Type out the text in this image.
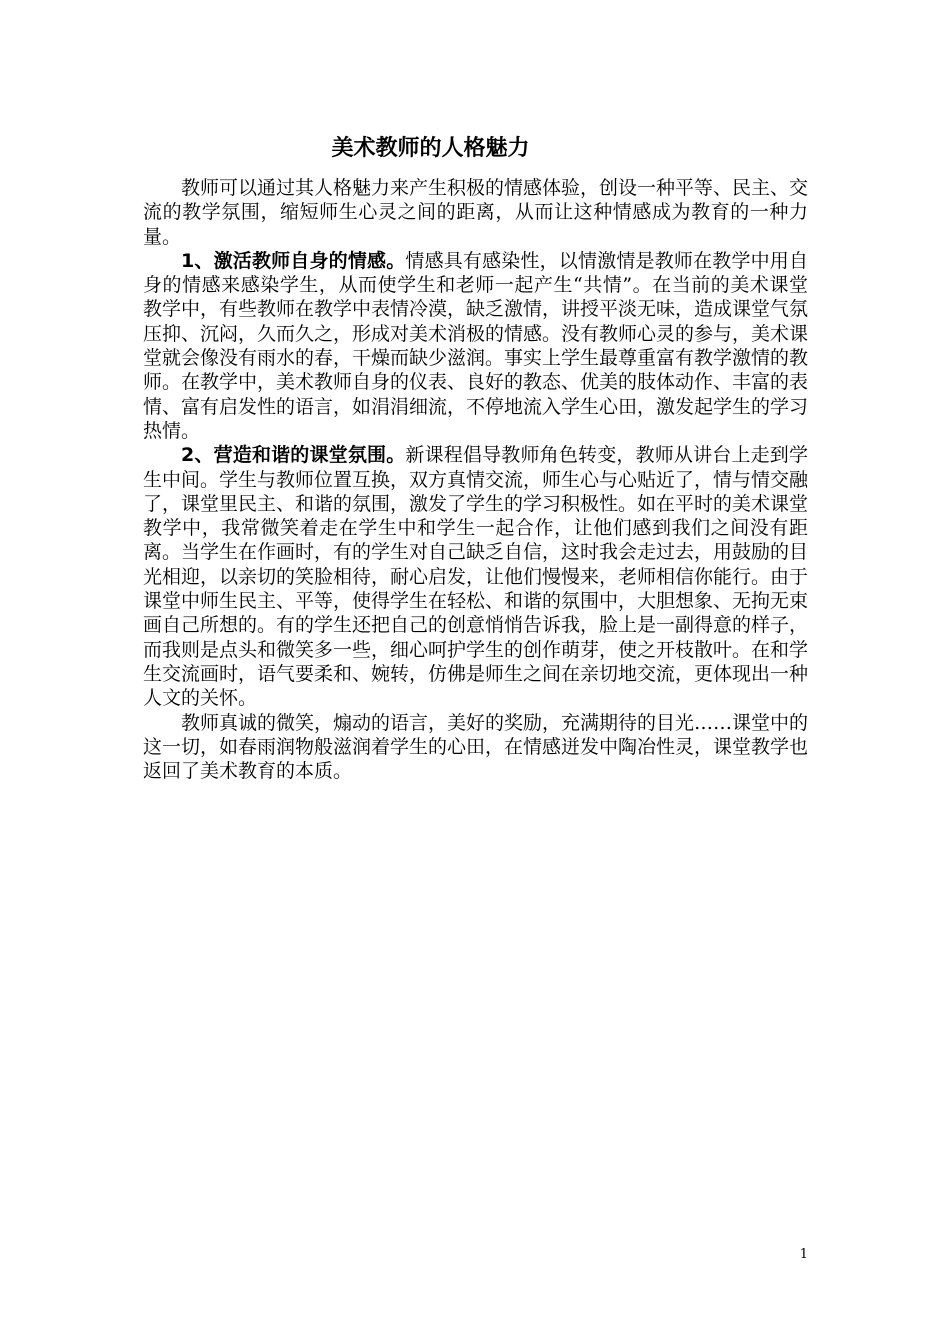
美术教师的人格魅力

教师可以通过其人格魅力来产生积极的情感体验，创设一种平等、民主、交流的教学氛围，缩短师生心灵之间的距离，从而让这种情感成为教育的一种力量。

1、激活教师自身的情感。情感具有感染性，以情激情是教师在教学中用自身的情感来感染学生，从而使学生和老师一起产生“共情”。在当前的美术课堂教学中，有些教师在教学中表情冷漠，缺乏激情，讲授平淡无味，造成课堂气氛压抑、沉闷，久而久之，形成对美术消极的情感。没有教师心灵的参与，美术课堂就会像没有雨水的春，干燥而缺少滋润。事实上学生最尊重富有教学激情的教师。在教学中，美术教师自身的仪表、良好的教态、优美的肢体动作、丰富的表情、富有启发性的语言，如涓涓细流，不停地流入学生心田，激发起学生的学习热情。

2、营造和谐的课堂氛围。新课程倡导教师角色转变，教师从讲台上走到学生中间。学生与教师位置互换，双方真情交流，师生心与心贴近了，情与情交融了，课堂里民主、和谐的氛围，激发了学生的学习积极性。如在平时的美术课堂教学中，我常微笑着走在学生中和学生一起合作，让他们感到我们之间没有距离。当学生在作画时，有的学生对自己缺乏自信，这时我会走过去，用鼓励的目光相迎，以亲切的笑脸相待，耐心启发，让他们慢慢来，老师相信你能行。由于课堂中师生民主、平等，使得学生在轻松、和谐的氛围中，大胆想象、无拘无束画自己所想的。有的学生还把自己的创意悄悄告诉我，脸上是一副得意的样子，而我则是点头和微笑多一些，细心呵护学生的创作萌芽，使之开枝散叶。在和学生交流画时，语气要柔和、婉转，仿佛是师生之间在亲切地交流，更体现出一种人文的关怀。

教师真诚的微笑，煽动的语言，美好的奖励，充满期待的目光……课堂中的这一切，如春雨润物般滋润着学生的心田，在情感迸发中陶冶性灵，课堂教学也返回了美术教育的本质。

1
